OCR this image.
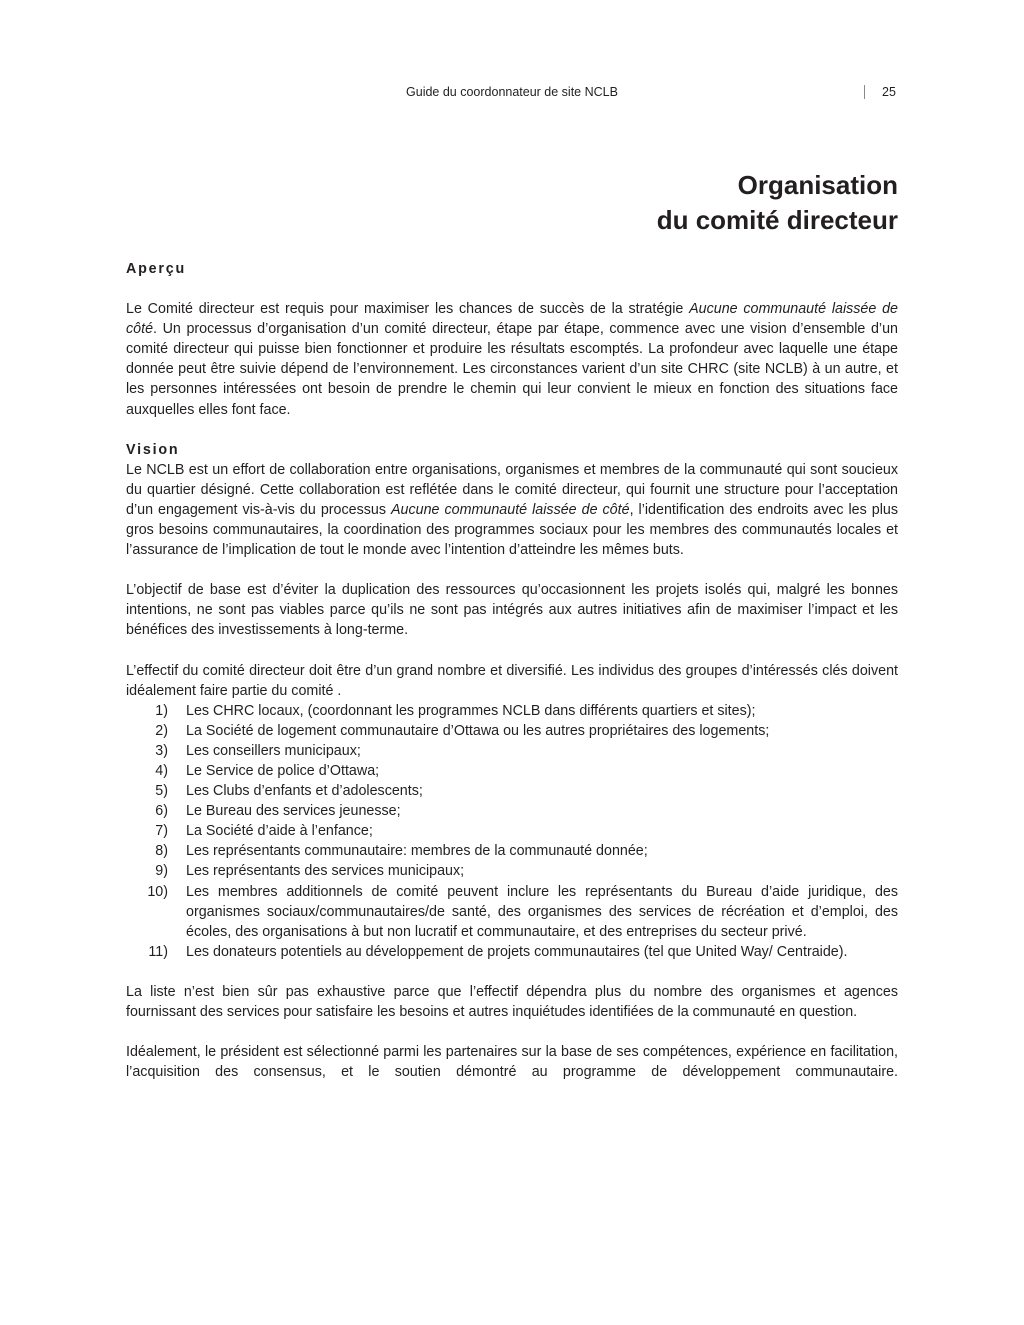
Guide du coordonnateur de site NCLB	25
Organisation
du comité directeur
Aperçu

Le Comité directeur est requis pour maximiser les chances de succès de la stratégie Aucune communauté laissée de côté. Un processus d’organisation d’un comité directeur, étape par étape, commence avec une vision d’ensemble d’un comité directeur qui puisse bien fonctionner et produire les résultats escomptés. La profondeur avec laquelle une étape donnée peut être suivie dépend de l’environnement. Les circonstances varient d’un site CHRC (site NCLB) à un autre, et les personnes intéressées ont besoin de prendre le chemin qui leur convient le mieux en fonction des situations face auxquelles elles font face.

Vision

Le NCLB est un effort de collaboration entre organisations, organismes et membres de la communauté qui sont soucieux du quartier désigné. Cette collaboration est reflétée dans le comité directeur, qui fournit une structure pour l’acceptation d’un engagement vis-à-vis du processus Aucune communauté laissée de côté, l’identification des endroits avec les plus gros besoins communautaires, la coordination des programmes sociaux pour les membres des communautés locales et l’assurance de l’implication de tout le monde avec l’intention d’atteindre les mêmes buts.

L’objectif de base est d’éviter la duplication des ressources qu’occasionnent les projets isolés qui, malgré les bonnes intentions, ne sont pas viables parce qu’ils ne sont pas intégrés aux autres initiatives afin de maximiser l’impact et les bénéfices des investissements à long-terme.

L’effectif du comité directeur doit être d’un grand nombre et diversifié. Les individus des groupes d’intéressés clés doivent idéalement faire partie du comité .

1) Les CHRC locaux, (coordonnant les programmes NCLB dans différents quartiers et sites);
2) La Société de logement communautaire d’Ottawa ou les autres propriétaires des logements;
3) Les conseillers municipaux;
4) Le Service de police d’Ottawa;
5) Les Clubs d’enfants et d’adolescents;
6) Le Bureau des services jeunesse;
7) La Société d’aide à l’enfance;
8) Les représentants communautaire: membres de la communauté donnée;
9) Les représentants des services municipaux;
10) Les membres additionnels de comité peuvent inclure les représentants du Bureau d’aide juridique, des organismes sociaux/communautaires/de santé, des organismes des services de récréation et d’emploi, des écoles, des organisations à but non lucratif et communautaire, et des entreprises du secteur privé.
11) Les donateurs potentiels au développement de projets communautaires (tel que United Way/ Centraide).

La liste n’est bien sûr pas exhaustive parce que l’effectif dépendra plus du nombre des organismes et agences fournissant des services pour satisfaire les besoins et autres inquiétudes identifiées de la communauté en question.

Idéalement, le président est sélectionné parmi les partenaires sur la base de ses compétences, expérience en facilitation, l’acquisition des consensus, et le soutien démontré au programme de développement communautaire.
